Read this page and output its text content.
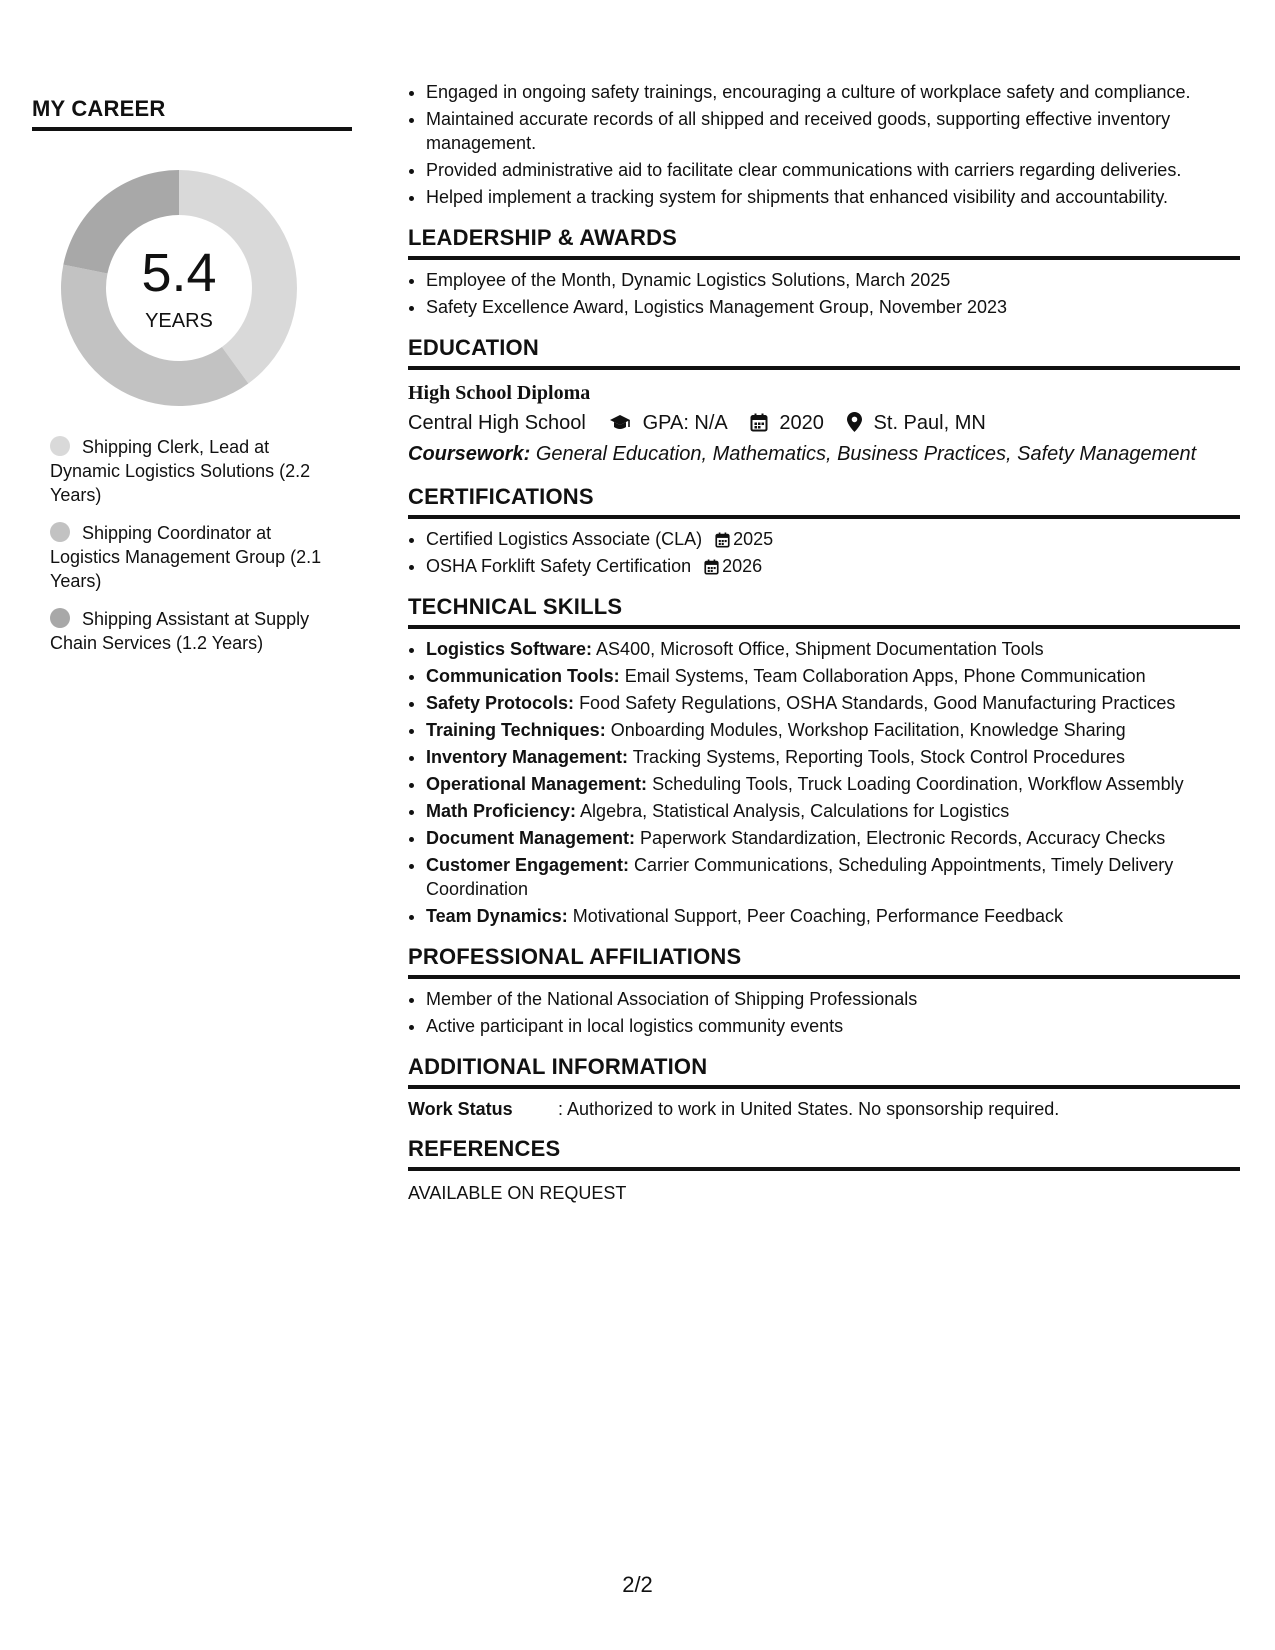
MY CAREER
5.4
YEARS
Shipping Clerk, Lead at Dynamic Logistics Solutions (2.2 Years)
Shipping Coordinator at Logistics Management Group (2.1 Years)
Shipping Assistant at Supply Chain Services (1.2 Years)
• Engaged in ongoing safety trainings, encouraging a culture of workplace safety and compliance.
• Maintained accurate records of all shipped and received goods, supporting effective inventory management.
• Provided administrative aid to facilitate clear communications with carriers regarding deliveries.
• Helped implement a tracking system for shipments that enhanced visibility and accountability.
LEADERSHIP & AWARDS
• Employee of the Month, Dynamic Logistics Solutions, March 2025
• Safety Excellence Award, Logistics Management Group, November 2023
EDUCATION
High School Diploma
Central High School	GPA: N/A	2020 St. Paul, MN
Coursework: General Education, Mathematics, Business Practices, Safety Management
CERTIFICATIONS
• Certified Logistics Associate (CLA) 2025
• OSHA Forklift Safety Certification 2026
TECHNICAL SKILLS
• Logistics Software: AS400, Microsoft Office, Shipment Documentation Tools
• Communication Tools: Email Systems, Team Collaboration Apps, Phone Communication
• Safety Protocols: Food Safety Regulations, OSHA Standards, Good Manufacturing Practices
• Training Techniques: Onboarding Modules, Workshop Facilitation, Knowledge Sharing
• Inventory Management: Tracking Systems, Reporting Tools, Stock Control Procedures
• Operational Management: Scheduling Tools, Truck Loading Coordination, Workflow Assembly
• Math Proficiency: Algebra, Statistical Analysis, Calculations for Logistics
• Document Management: Paperwork Standardization, Electronic Records, Accuracy Checks
• Customer Engagement: Carrier Communications, Scheduling Appointments, Timely Delivery Coordination
• Team Dynamics: Motivational Support, Peer Coaching, Performance Feedback
PROFESSIONAL AFFILIATIONS
• Member of the National Association of Shipping Professionals
• Active participant in local logistics community events
ADDITIONAL INFORMATION
Work Status	: Authorized to work in United States. No sponsorship required.
REFERENCES
AVAILABLE ON REQUEST
2/2
